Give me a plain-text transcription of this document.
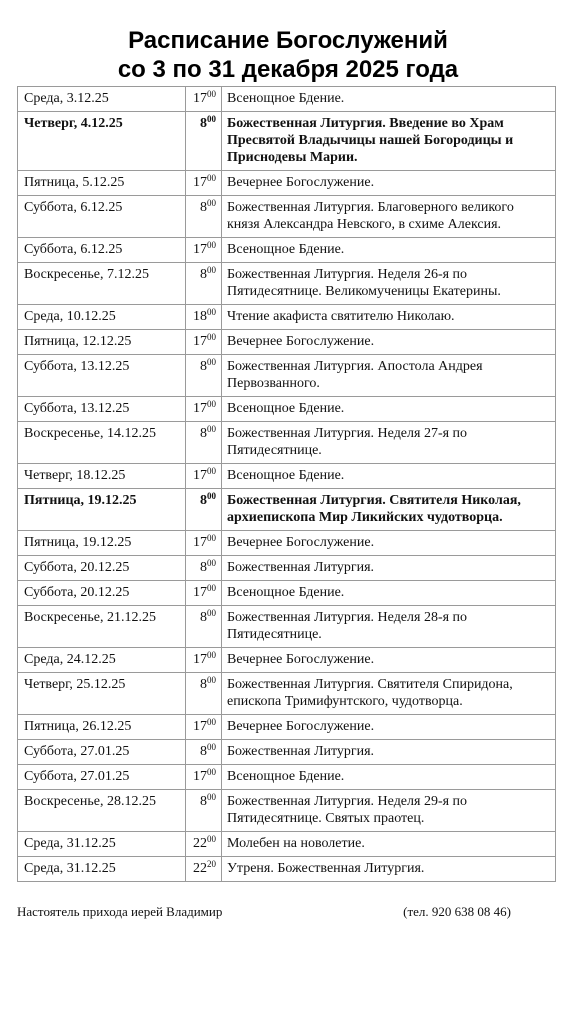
Расписание Богослужений
со 3 по 31 декабря 2025 года
Среда, 3.12.25	$17^{00}$	Всенощное Бдение.
Четверг, 4.12.25	$8^{00}$	Божественная Литургия. Введение во Храм Пресвятой Владычицы нашей Богородицы и Приснодевы Марии.
Пятница, 5.12.25	$17^{00}$	Вечернее Богослужение.
Суббота, 6.12.25	$8^{00}$	Божественная Литургия. Благоверного великого князя Александра Невского, в схиме Алексия.
Суббота, 6.12.25	$17^{00}$	Всенощное Бдение.
Воскресенье, 7.12.25	$8^{00}$	Божественная Литургия. Неделя 26-я по Пятидесятнице. Великомученицы Екатерины.
Среда, 10.12.25	$18^{00}$	Чтение акафиста святителю Николаю.
Пятница, 12.12.25	$17^{00}$	Вечернее Богослужение.
Суббота, 13.12.25	$8^{00}$	Божественная Литургия. Апостола Андрея Первозванного.
Суббота, 13.12.25	$17^{00}$	Всенощное Бдение.
Воскресенье, 14.12.25	$8^{00}$	Божественная Литургия. Неделя 27-я по Пятидесятнице.
Четверг, 18.12.25	$17^{00}$	Всенощное Бдение.
Пятница, 19.12.25	$8^{00}$	Божественная Литургия. Святителя Николая, архиепископа Мир Ликийских чудотворца.
Пятница, 19.12.25	$17^{00}$	Вечернее Богослужение.
Суббота, 20.12.25	$8^{00}$	Божественная Литургия.
Суббота, 20.12.25	$17^{00}$	Всенощное Бдение.
Воскресенье, 21.12.25	$8^{00}$	Божественная Литургия. Неделя 28-я по Пятидесятнице.
Среда, 24.12.25	$17^{00}$	Вечернее Богослужение.
Четверг, 25.12.25	$8^{00}$	Божественная Литургия. Святителя Спиридона, епископа Тримифунтского, чудотворца.
Пятница, 26.12.25	$17^{00}$	Вечернее Богослужение.
Суббота, 27.01.25	$8^{00}$	Божественная Литургия.
Суббота, 27.01.25	$17^{00}$	Всенощное Бдение.
Воскресенье, 28.12.25	$8^{00}$	Божественная Литургия. Неделя 29-я по Пятидесятнице. Святых праотец.
Среда, 31.12.25	$22^{00}$	Молебен на новолетие.
Среда, 31.12.25	$22^{20}$	Утреня. Божественная Литургия.
Настоятель прихода иерей Владимир	(тел. 920 638 08 46)
